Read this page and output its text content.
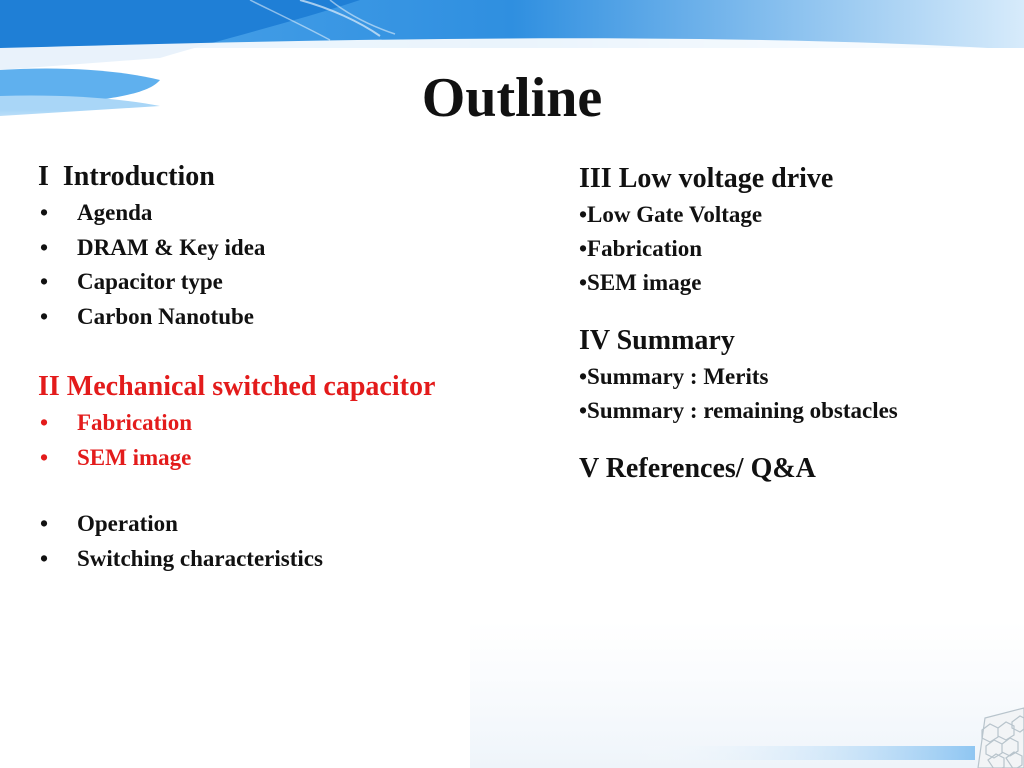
Outline
I  Introduction
• Agenda
• DRAM & Key idea
• Capacitor type
• Carbon Nanotube
II Mechanical switched capacitor
• Fabrication
• SEM image
• Operation
• Switching characteristics
III Low voltage drive
•Low Gate Voltage
•Fabrication
•SEM image
IV Summary
•Summary : Merits
•Summary : remaining obstacles
V References/ Q&A
